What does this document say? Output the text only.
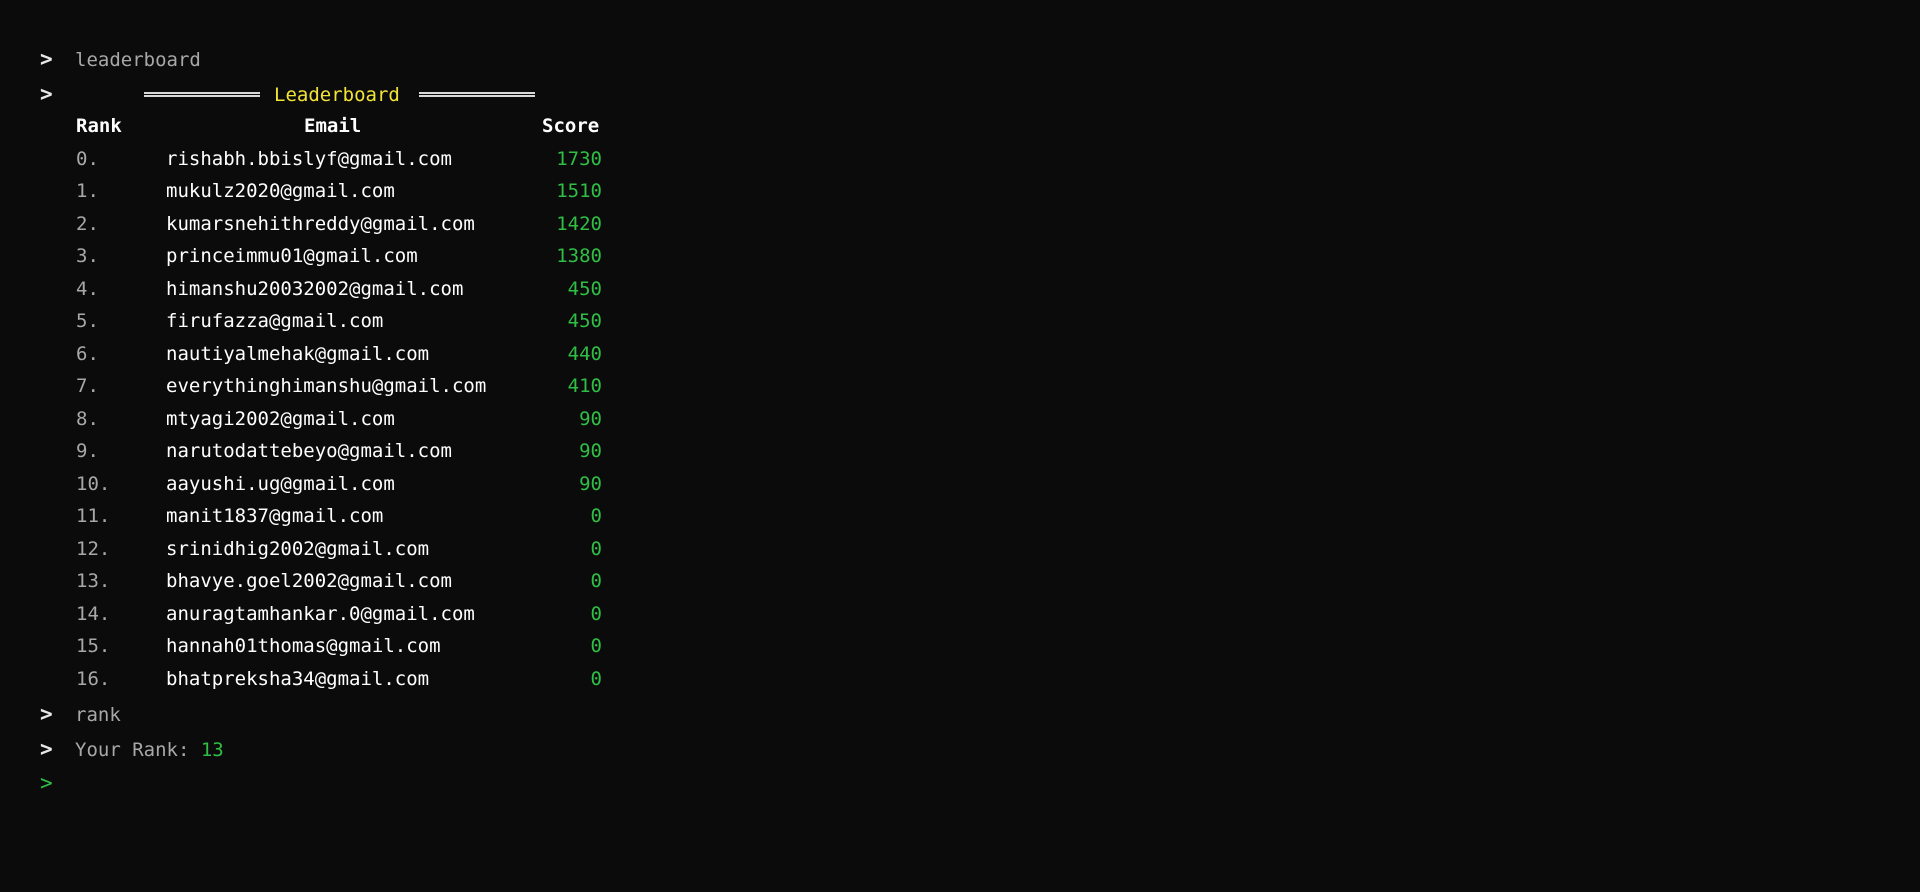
> leaderboard
>	Leaderboard
Rank	Email	Score
0.	rishabh.bbislyf@gmail.com	1730
1.	mukulz2020@gmail.com	1510
2.	kumarsnehithreddy@gmail.com	1420
3.	princeimmu01@gmail.com	1380
4.	himanshu20032002@gmail.com	450
5.	firufazza@gmail.com	450
6.	nautiyalmehak@gmail.com	440
7.	everythinghimanshu@gmail.com	410
8.	mtyagi2002@gmail.com	90
9.	narutodattebeyo@gmail.com	90
10.	aayushi.ug@gmail.com	90
11.	manit1837@gmail.com	0
12.	srinidhig2002@gmail.com	0
13.	bhavye.goel2002@gmail.com	0
14.	anuragtamhankar.0@gmail.com	0
15.	hannah01thomas@gmail.com	0
16.	bhatpreksha34@gmail.com	0
> rank
> Your Rank: 13
>
